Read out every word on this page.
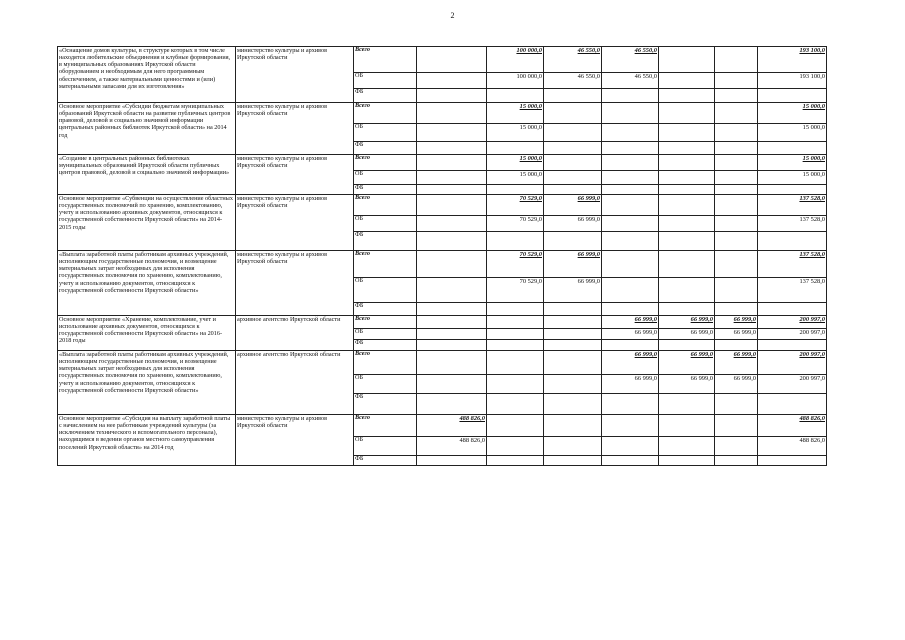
2
«Оснащение домов культуры, в структуре которых в том числе находятся любительские объединения и клубные формирования, в муниципальных образованиях Иркутской области оборудованием и необходимым для него программным обеспечением, а также материальными ценностями и (или) материальными запасами для их изготовления»	министерство культуры и архивов Иркутской области	Всего		100 000,0	46 550,0	46 550,0			193 100,0
		ОБ		100 000,0	46 550,0	46 550,0			193 100,0
		ФБ							
Основное мероприятие «Субсидии бюджетам муниципальных образований Иркутской области на развитие публичных центров правовой, деловой и социально значимой информации центральных районных библиотек Иркутской области» на 2014 год	министерство культуры и архивов Иркутской области	Всего		15 000,0					15 000,0
		ОБ		15 000,0					15 000,0
		ФБ							
«Создание в центральных районных библиотеках муниципальных образований Иркутской области публичных центров правовой, деловой и социально значимой информации»	министерство культуры и архивов Иркутской области	Всего		15 000,0					15 000,0
		ОБ		15 000,0					15 000,0
		ФБ							
Основное мероприятие «Субвенции на осуществление областных государственных полномочий по хранению, комплектованию, учету и использованию архивных документов, относящихся к государственной собственности Иркутской области» на 2014-2015 годы	министерство культуры и архивов Иркутской области	Всего		70 529,0	66 999,0				137 528,0
		ОБ		70 529,0	66 999,0				137 528,0
		ФБ							
«Выплата заработной платы работникам архивных учреждений, исполняющим государственные полномочия, и возмещение материальных затрат необходимых для исполнения государственных полномочия по хранению, комплектованию, учету и использованию документов, относящихся к государственной собственности Иркутской области»	министерство культуры и архивов Иркутской области	Всего		70 529,0	66 999,0				137 528,0
		ОБ		70 529,0	66 999,0				137 528,0
		ФБ							
Основное мероприятие «Хранение, комплектование, учет и использование архивных документов, относящихся к государственной собственности Иркутской области» на 2016-2018 годы	архивное агентство Иркутской области	Всего				66 999,0	66 999,0	66 999,0	200 997,0
		ОБ				66 999,0	66 999,0	66 999,0	200 997,0
		ФБ							
«Выплата заработной платы работникам архивных учреждений, исполняющим государственные полномочия, и возмещение материальных затрат необходимых для исполнения государственных полномочия по хранению, комплектованию, учету и использованию документов, относящихся к государственной собственности Иркутской области»	архивное агентство Иркутской области	Всего				66 999,0	66 999,0	66 999,0	200 997,0
		ОБ				66 999,0	66 999,0	66 999,0	200 997,0
		ФБ							
Основное мероприятие «Субсидия на выплату заработной платы с начислением на нее работникам учреждений культуры (за исключением технического и вспомогательного персонала), находящимся в ведении органов местного самоуправления поселений Иркутской области» на 2014 год	министерство культуры и архивов Иркутской области	Всего	488 826,0						488 826,0
		ОБ	488 826,0						488 826,0
		ФБ							
